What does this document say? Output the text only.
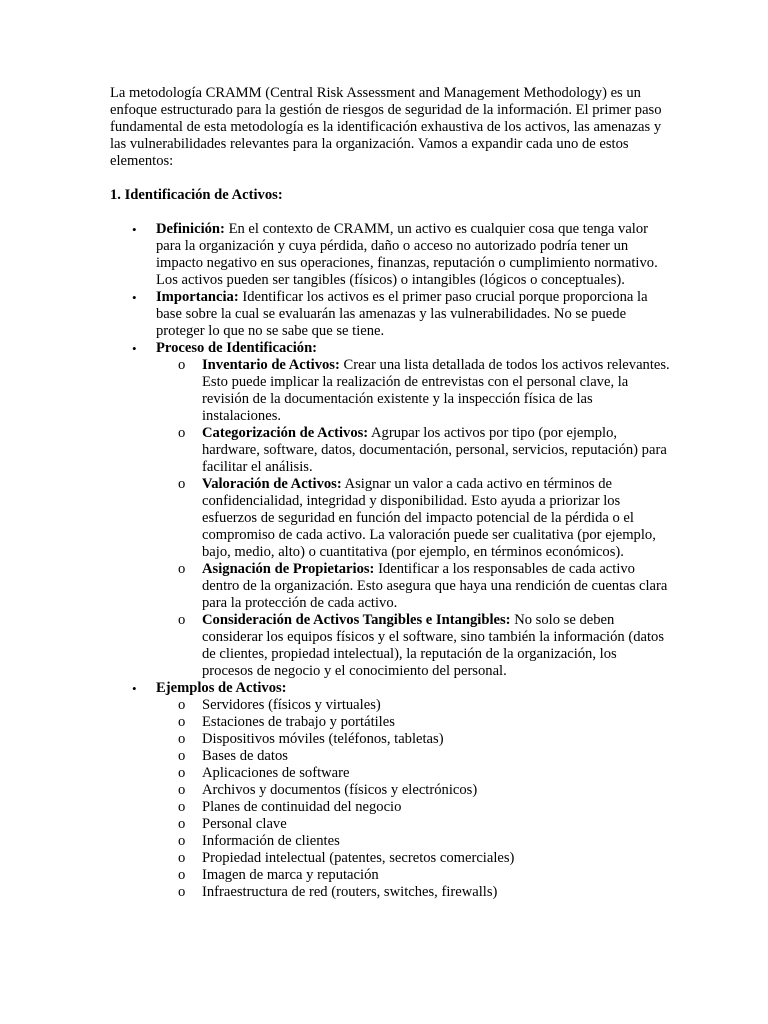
La metodología CRAMM (Central Risk Assessment and Management Methodology) es un enfoque estructurado para la gestión de riesgos de seguridad de la información. El primer paso fundamental de esta metodología es la identificación exhaustiva de los activos, las amenazas y las vulnerabilidades relevantes para la organización. Vamos a expandir cada uno de estos elementos:

1. Identificación de Activos:

• Definición: En el contexto de CRAMM, un activo es cualquier cosa que tenga valor para la organización y cuya pérdida, daño o acceso no autorizado podría tener un impacto negativo en sus operaciones, finanzas, reputación o cumplimiento normativo. Los activos pueden ser tangibles (físicos) o intangibles (lógicos o conceptuales).
• Importancia: Identificar los activos es el primer paso crucial porque proporciona la base sobre la cual se evaluarán las amenazas y las vulnerabilidades. No se puede proteger lo que no se sabe que se tiene.
• Proceso de Identificación:
o Inventario de Activos: Crear una lista detallada de todos los activos relevantes. Esto puede implicar la realización de entrevistas con el personal clave, la revisión de la documentación existente y la inspección física de las instalaciones.
o Categorización de Activos: Agrupar los activos por tipo (por ejemplo, hardware, software, datos, documentación, personal, servicios, reputación) para facilitar el análisis.
o Valoración de Activos: Asignar un valor a cada activo en términos de confidencialidad, integridad y disponibilidad. Esto ayuda a priorizar los esfuerzos de seguridad en función del impacto potencial de la pérdida o el compromiso de cada activo. La valoración puede ser cualitativa (por ejemplo, bajo, medio, alto) o cuantitativa (por ejemplo, en términos económicos).
o Asignación de Propietarios: Identificar a los responsables de cada activo dentro de la organización. Esto asegura que haya una rendición de cuentas clara para la protección de cada activo.
o Consideración de Activos Tangibles e Intangibles: No solo se deben considerar los equipos físicos y el software, sino también la información (datos de clientes, propiedad intelectual), la reputación de la organización, los procesos de negocio y el conocimiento del personal.
• Ejemplos de Activos:
o Servidores (físicos y virtuales)
o Estaciones de trabajo y portátiles
o Dispositivos móviles (teléfonos, tabletas)
o Bases de datos
o Aplicaciones de software
o Archivos y documentos (físicos y electrónicos)
o Planes de continuidad del negocio
o Personal clave
o Información de clientes
o Propiedad intelectual (patentes, secretos comerciales)
o Imagen de marca y reputación
o Infraestructura de red (routers, switches, firewalls)
